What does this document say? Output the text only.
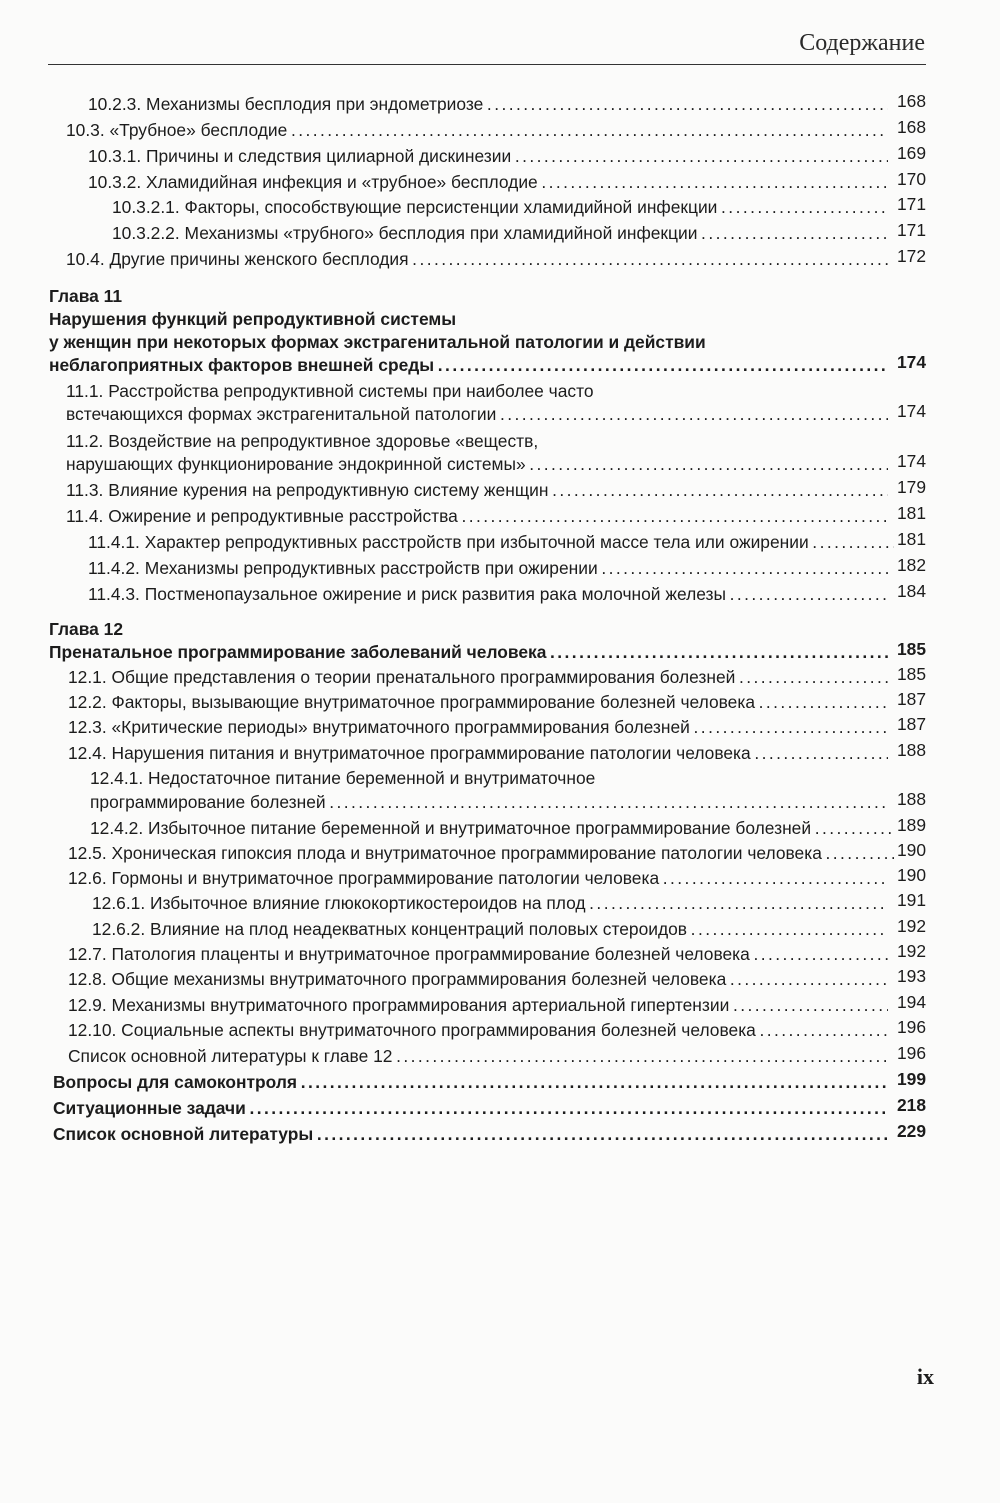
Содержание
10.2.3. Механизмы бесплодия при эндометриозе . . .	168
10.3. «Трубное» бесплодие . . .	168
10.3.1. Причины и следствия цилиарной дискинезии . . .	169
10.3.2. Хламидийная инфекция и «трубное» бесплодие . . .	170
10.3.2.1. Факторы, способствующие персистенции хламидийной инфекции . . .	171
10.3.2.2. Механизмы «трубного» бесплодия при хламидийной инфекции . . .	171
10.4. Другие причины женского бесплодия . . .	172
Глава 11
Нарушения функций репродуктивной системы
у женщин при некоторых формах экстрагенитальной патологии и действии
неблагоприятных факторов внешней среды . . .	174
11.1. Расстройства репродуктивной системы при наиболее часто
встечающихся формах экстрагенитальной патологии . . .	174
11.2. Воздействие на репродуктивное здоровье «веществ,
нарушающих функционирование эндокринной системы» . . .	174
11.3. Влияние курения на репродуктивную систему женщин . . .	179
11.4. Ожирение и репродуктивные расстройства . . .	181
11.4.1. Характер репродуктивных расстройств при избыточной массе тела или ожирении . . .	181
11.4.2. Механизмы репродуктивных расстройств при ожирении . . .	182
11.4.3. Постменопаузальное ожирение и риск развития рака молочной железы . . .	184
Глава 12
Пренатальное программирование заболеваний человека . . .	185
12.1. Общие представления о теории пренатального программирования болезней . . .	185
12.2. Факторы, вызывающие внутриматочное программирование болезней человека . . .	187
12.3. «Критические периоды» внутриматочного программирования болезней . . .	187
12.4. Нарушения питания и внутриматочное программирование патологии человека . . .	188
12.4.1. Недостаточное питание беременной и внутриматочное
программирование болезней . . .	188
12.4.2. Избыточное питание беременной и внутриматочное программирование болезней . . .	189
12.5. Хроническая гипоксия плода и внутриматочное программирование патологии человека . . .	190
12.6. Гормоны и внутриматочное программирование патологии человека . . .	190
12.6.1. Избыточное влияние глюкокортикостероидов на плод . . .	191
12.6.2. Влияние на плод неадекватных концентраций половых стероидов . . .	192
12.7. Патология плаценты и внутриматочное программирование болезней человека . . .	192
12.8. Общие механизмы внутриматочного программирования болезней человека . . .	193
12.9. Механизмы внутриматочного программирования артериальной гипертензии . . .	194
12.10. Социальные аспекты внутриматочного программирования болезней человека . . .	196
Список основной литературы к главе 12 . . .	196
Вопросы для самоконтроля . . .	199
Ситуационные задачи . . .	218
Список основной литературы . . .	229
ix
